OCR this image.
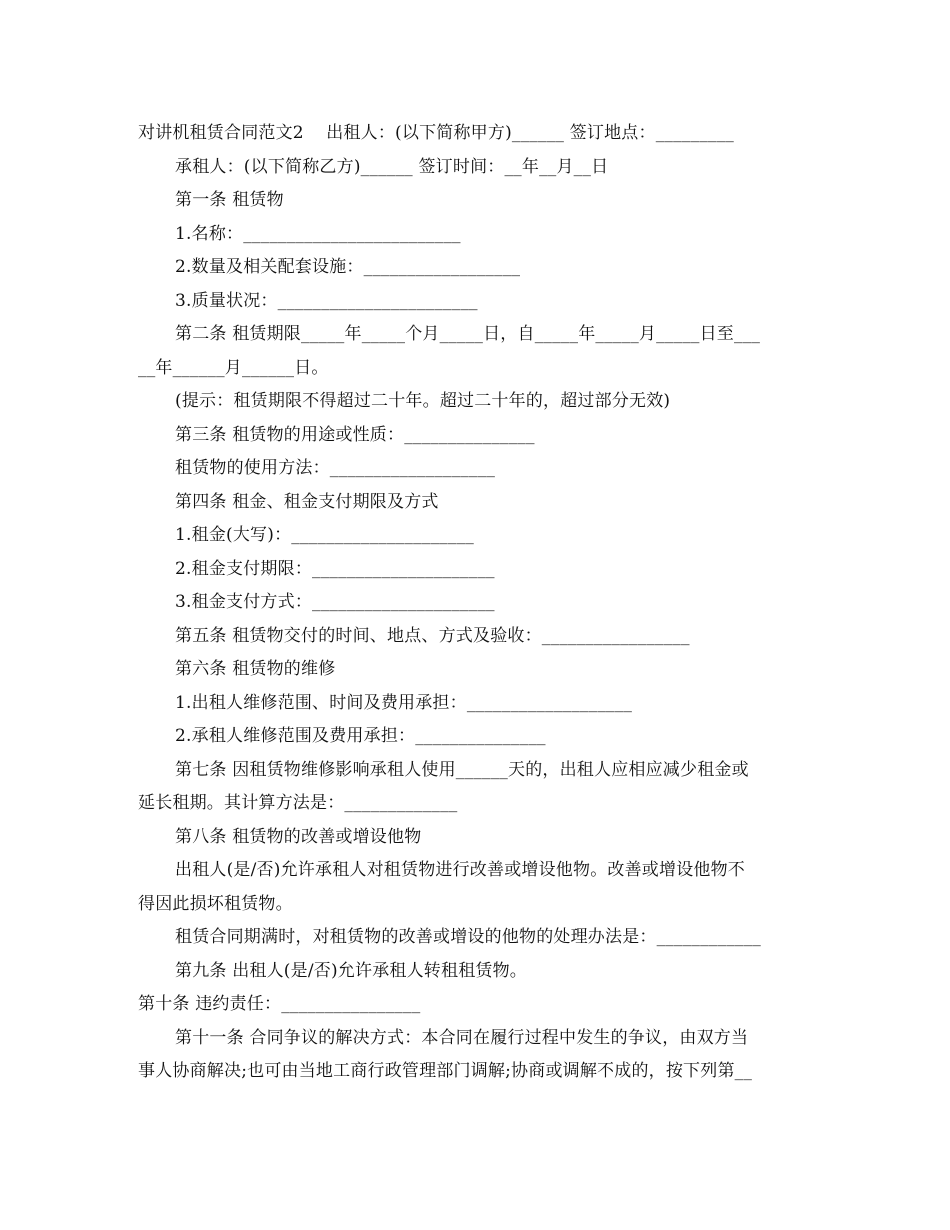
对讲机租赁合同范文2    出租人：(以下简称甲方)______ 签订地点：_________

承租人：(以下简称乙方)______ 签订时间：__年__月__日

第一条 租赁物

1.名称：_________________________

2.数量及相关配套设施：__________________

3.质量状况：_______________________

第二条 租赁期限_____年_____个月_____日，自_____年_____月_____日至___

__年______月______日。

(提示：租赁期限不得超过二十年。超过二十年的，超过部分无效)

第三条 租赁物的用途或性质：_______________

租赁物的使用方法：___________________

第四条 租金、租金支付期限及方式

1.租金(大写)：_____________________

2.租金支付期限：_____________________

3.租金支付方式：_____________________

第五条 租赁物交付的时间、地点、方式及验收：_________________

第六条 租赁物的维修

1.出租人维修范围、时间及费用承担：___________________

2.承租人维修范围及费用承担：_______________

第七条 因租赁物维修影响承租人使用______天的，出租人应相应减少租金或

延长租期。其计算方法是：_____________

第八条 租赁物的改善或增设他物

出租人(是/否)允许承租人对租赁物进行改善或增设他物。改善或增设他物不

得因此损坏租赁物。

租赁合同期满时，对租赁物的改善或增设的他物的处理办法是：____________

第九条 出租人(是/否)允许承租人转租租赁物。

第十条 违约责任：________________

第十一条 合同争议的解决方式：本合同在履行过程中发生的争议，由双方当

事人协商解决;也可由当地工商行政管理部门调解;协商或调解不成的，按下列第__
